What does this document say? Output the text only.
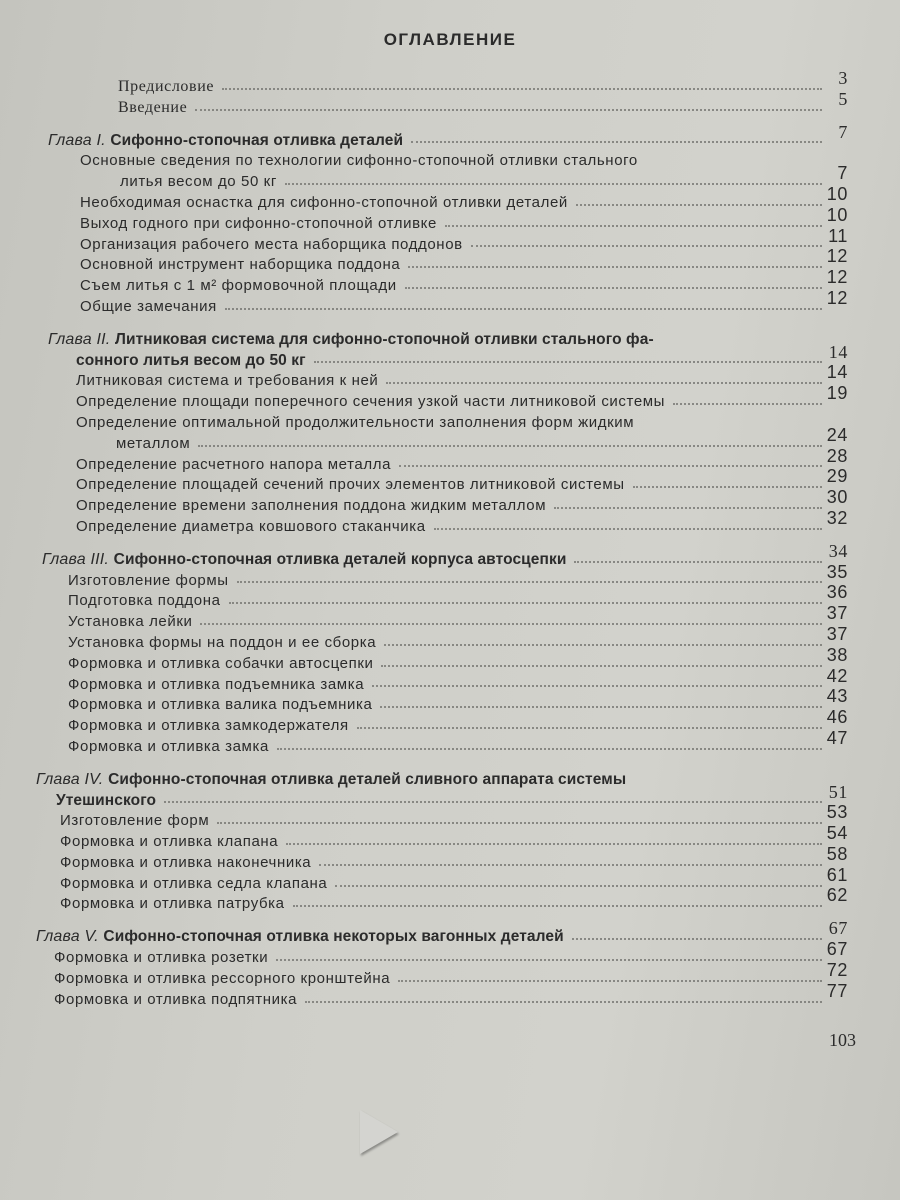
ОГЛАВЛЕНИЕ
Предисловие	3
Введение	5
Глава I. Сифонно-стопочная отливка деталей	7
Основные сведения по технологии сифонно-стопочной отливки стального
литья весом до 50 кг	7
Необходимая оснастка для сифонно-стопочной отливки деталей	10
Выход годного при сифонно-стопочной отливке	10
Организация рабочего места наборщика поддонов	11
Основной инструмент наборщика поддона	12
Съем литья с 1 м² формовочной площади	12
Общие замечания	12
Глава II. Литниковая система для сифонно-стопочной отливки стального фа-
сонного литья весом до 50 кг	14
Литниковая система и требования к ней	14
Определение площади поперечного сечения узкой части литниковой системы	19
Определение оптимальной продолжительности заполнения форм жидким
металлом	24
Определение расчетного напора металла	28
Определение площадей сечений прочих элементов литниковой системы	29
Определение времени заполнения поддона жидким металлом	30
Определение диаметра ковшового стаканчика	32
Глава III. Сифонно-стопочная отливка деталей корпуса автосцепки	34
Изготовление формы	35
Подготовка поддона	36
Установка лейки	37
Установка формы на поддон и ее сборка	37
Формовка и отливка собачки автосцепки	38
Формовка и отливка подъемника замка	42
Формовка и отливка валика подъемника	43
Формовка и отливка замкодержателя	46
Формовка и отливка замка	47
Глава IV. Сифонно-стопочная отливка деталей сливного аппарата системы
Утешинского	51
Изготовление форм	53
Формовка и отливка клапана	54
Формовка и отливка наконечника	58
Формовка и отливка седла клапана	61
Формовка и отливка патрубка	62
Глава V. Сифонно-стопочная отливка некоторых вагонных деталей	67
Формовка и отливка розетки	67
Формовка и отливка рессорного кронштейна	72
Формовка и отливка подпятника	77
103
